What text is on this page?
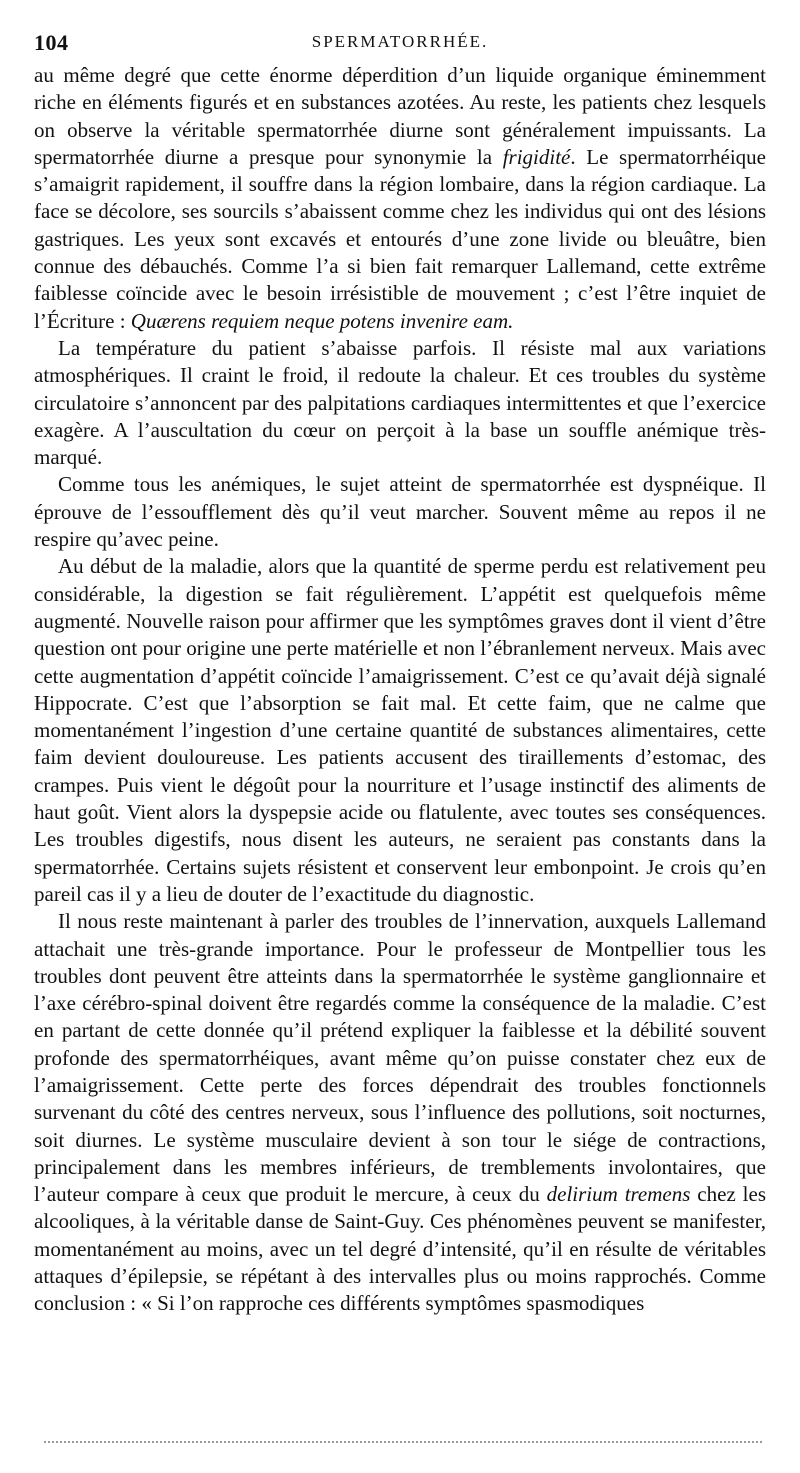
104	SPERMATORRHÉE.

au même degré que cette énorme déperdition d’un liquide organique éminemment riche en éléments figurés et en substances azotées. Au reste, les patients chez lesquels on observe la véritable spermatorrhée diurne sont généralement impuissants. La spermatorrhée diurne a presque pour synonymie la frigidité. Le spermatorrhéique s’amaigrit rapidement, il souffre dans la région lombaire, dans la région cardiaque. La face se décolore, ses sourcils s’abaissent comme chez les individus qui ont des lésions gastriques. Les yeux sont excavés et entourés d’une zone livide ou bleuâtre, bien connue des débauchés. Comme l’a si bien fait remarquer Lallemand, cette extrême faiblesse coïncide avec le besoin irrésistible de mouvement ; c’est l’être inquiet de l’Écriture : Quærens requiem neque potens invenire eam.

La température du patient s’abaisse parfois. Il résiste mal aux variations atmosphériques. Il craint le froid, il redoute la chaleur. Et ces troubles du système circulatoire s’annoncent par des palpitations cardiaques intermittentes et que l’exercice exagère. A l’auscultation du cœur on perçoit à la base un souffle anémique très-marqué.

Comme tous les anémiques, le sujet atteint de spermatorrhée est dyspnéique. Il éprouve de l’essoufflement dès qu’il veut marcher. Souvent même au repos il ne respire qu’avec peine.

Au début de la maladie, alors que la quantité de sperme perdu est relativement peu considérable, la digestion se fait régulièrement. L’appétit est quelquefois même augmenté. Nouvelle raison pour affirmer que les symptômes graves dont il vient d’être question ont pour origine une perte matérielle et non l’ébranlement nerveux. Mais avec cette augmentation d’appétit coïncide l’amaigrissement. C’est ce qu’avait déjà signalé Hippocrate. C’est que l’absorption se fait mal. Et cette faim, que ne calme que momentanément l’ingestion d’une certaine quantité de substances alimentaires, cette faim devient douloureuse. Les patients accusent des tiraillements d’estomac, des crampes. Puis vient le dégoût pour la nourriture et l’usage instinctif des aliments de haut goût. Vient alors la dyspepsie acide ou flatulente, avec toutes ses conséquences. Les troubles digestifs, nous disent les auteurs, ne seraient pas constants dans la spermatorrhée. Certains sujets résistent et conservent leur embonpoint. Je crois qu’en pareil cas il y a lieu de douter de l’exactitude du diagnostic.

Il nous reste maintenant à parler des troubles de l’innervation, auxquels Lallemand attachait une très-grande importance. Pour le professeur de Montpellier tous les troubles dont peuvent être atteints dans la spermatorrhée le système ganglionnaire et l’axe cérébro-spinal doivent être regardés comme la conséquence de la maladie. C’est en partant de cette donnée qu’il prétend expliquer la faiblesse et la débilité souvent profonde des spermatorrhéiques, avant même qu’on puisse constater chez eux de l’amaigrissement. Cette perte des forces dépendrait des troubles fonctionnels survenant du côté des centres nerveux, sous l’influence des pollutions, soit nocturnes, soit diurnes. Le système musculaire devient à son tour le siége de contractions, principalement dans les membres inférieurs, de tremblements involontaires, que l’auteur compare à ceux que produit le mercure, à ceux du delirium tremens chez les alcooliques, à la véritable danse de Saint-Guy. Ces phénomènes peuvent se manifester, momentanément au moins, avec un tel degré d’intensité, qu’il en résulte de véritables attaques d’épilepsie, se répétant à des intervalles plus ou moins rapprochés. Comme conclusion : « Si l’on rapproche ces différents symptômes spasmodiques
